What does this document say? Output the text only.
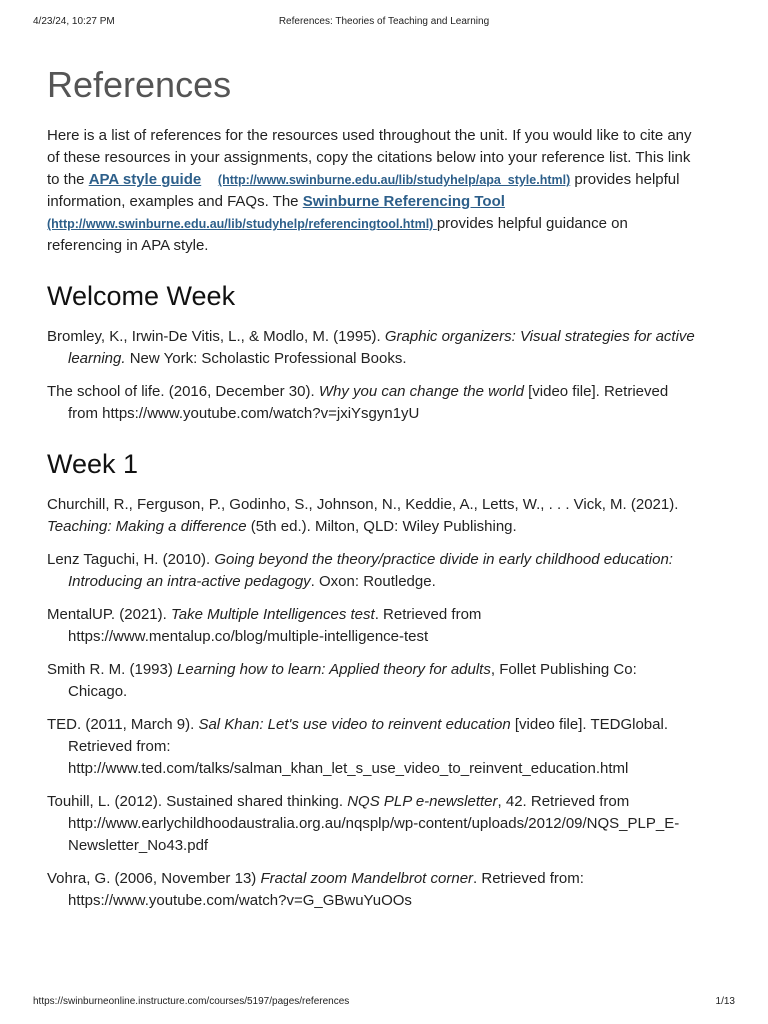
4/23/24, 10:27 PM	References: Theories of Teaching and Learning
References

Here is a list of references for the resources used throughout the unit. If you would like to cite any of these resources in your assignments, copy the citations below into your reference list. This link to the APA style guide (http://www.swinburne.edu.au/lib/studyhelp/apa_style.html) provides helpful information, examples and FAQs. The Swinburne Referencing Tool (http://www.swinburne.edu.au/lib/studyhelp/referencingtool.html) provides helpful guidance on referencing in APA style.

Welcome Week

Bromley, K., Irwin-De Vitis, L., & Modlo, M. (1995). Graphic organizers: Visual strategies for active learning. New York: Scholastic Professional Books.

The school of life. (2016, December 30). Why you can change the world [video file]. Retrieved from https://www.youtube.com/watch?v=jxiYsgyn1yU

Week 1

Churchill, R., Ferguson, P., Godinho, S., Johnson, N., Keddie, A., Letts, W., . . . Vick, M. (2021). Teaching: Making a difference (5th ed.). Milton, QLD: Wiley Publishing.

Lenz Taguchi, H. (2010). Going beyond the theory/practice divide in early childhood education: Introducing an intra-active pedagogy. Oxon: Routledge.

MentalUP. (2021). Take Multiple Intelligences test. Retrieved from https://www.mentalup.co/blog/multiple-intelligence-test

Smith R. M. (1993) Learning how to learn: Applied theory for adults, Follet Publishing Co: Chicago.

TED. (2011, March 9). Sal Khan: Let's use video to reinvent education [video file]. TEDGlobal. Retrieved from: http://www.ted.com/talks/salman_khan_let_s_use_video_to_reinvent_education.html

Touhill, L. (2012). Sustained shared thinking. NQS PLP e-newsletter, 42. Retrieved from http://www.earlychildhoodaustralia.org.au/nqsplp/wp-content/uploads/2012/09/NQS_PLP_E-Newsletter_No43.pdf

Vohra, G. (2006, November 13) Fractal zoom Mandelbrot corner. Retrieved from: https://www.youtube.com/watch?v=G_GBwuYuOOs

https://swinburneonline.instructure.com/courses/5197/pages/references	1/13
